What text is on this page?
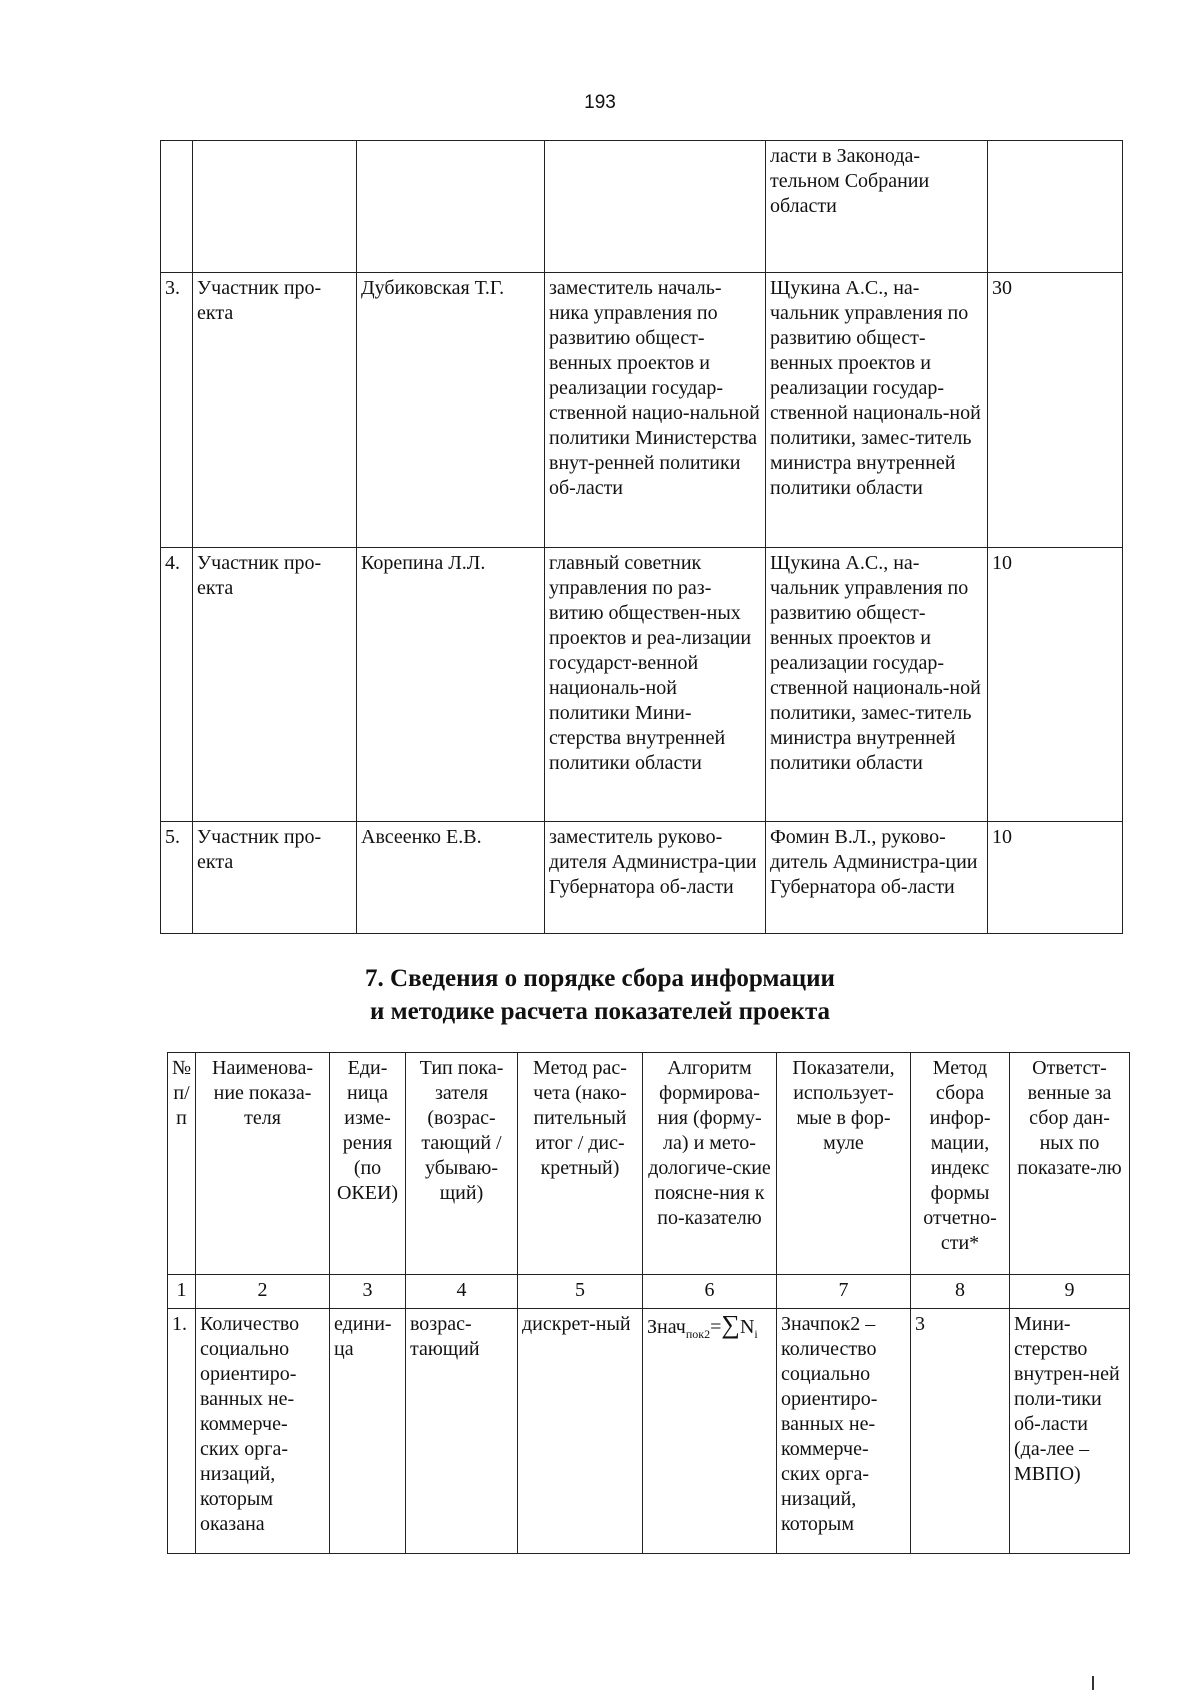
193
				ласти в Законода-тельном Собрании области	
3.	Участник про-екта	Дубиковская Т.Г.	заместитель началь-ника управления по развитию общест-венных проектов и реализации государ-ственной нацио-нальной политики Министерства внут-ренней политики об-ласти	Щукина А.С., на-чальник управления по развитию общест-венных проектов и реализации государ-ственной националь-ной политики, замес-титель министра внутренней политики области	30
4.	Участник про-екта	Корепина Л.Л.	главный советник управления по раз-витию обществен-ных проектов и реа-лизации государст-венной националь-ной политики Мини-стерства внутренней политики области	Щукина А.С., на-чальник управления по развитию общест-венных проектов и реализации государ-ственной националь-ной политики, замес-титель министра внутренней политики области	10
5.	Участник про-екта	Авсеенко Е.В.	заместитель руково-дителя Администра-ции Губернатора об-ласти	Фомин В.Л., руково-дитель Администра-ции Губернатора об-ласти	10
7. Сведения о порядке сбора информации
и методике расчета показателей проекта
№ п/п	Наименова-ние показа-теля	Еди-ница изме-рения (по ОКЕИ)	Тип пока-зателя (возрас-тающий / убываю-щий)	Метод рас-чета (нако-пительный итог / дис-кретный)	Алгоритм формирова-ния (форму-ла) и мето-дологиче-ские поясне-ния к по-казателю	Показатели, использует-мые в фор-муле	Метод сбора инфор-мации, индекс формы отчетно-сти*	Ответст-венные за сбор дан-ных по показате-лю
1	2	3	4	5	6	7	8	9
1.	Количество социально ориентиро-ванных не-коммерче-ских орга-низаций, которым оказана	едини-ца	возрас-тающий	дискрет-ный	$Знач_{пок2}=\sum N_i$	Значпок2 – количество социально ориентиро-ванных не-коммерче-ских орга-низаций, которым	3	Мини-стерство внутрен-ней поли-тики об-ласти (да-лее – МВПО)
